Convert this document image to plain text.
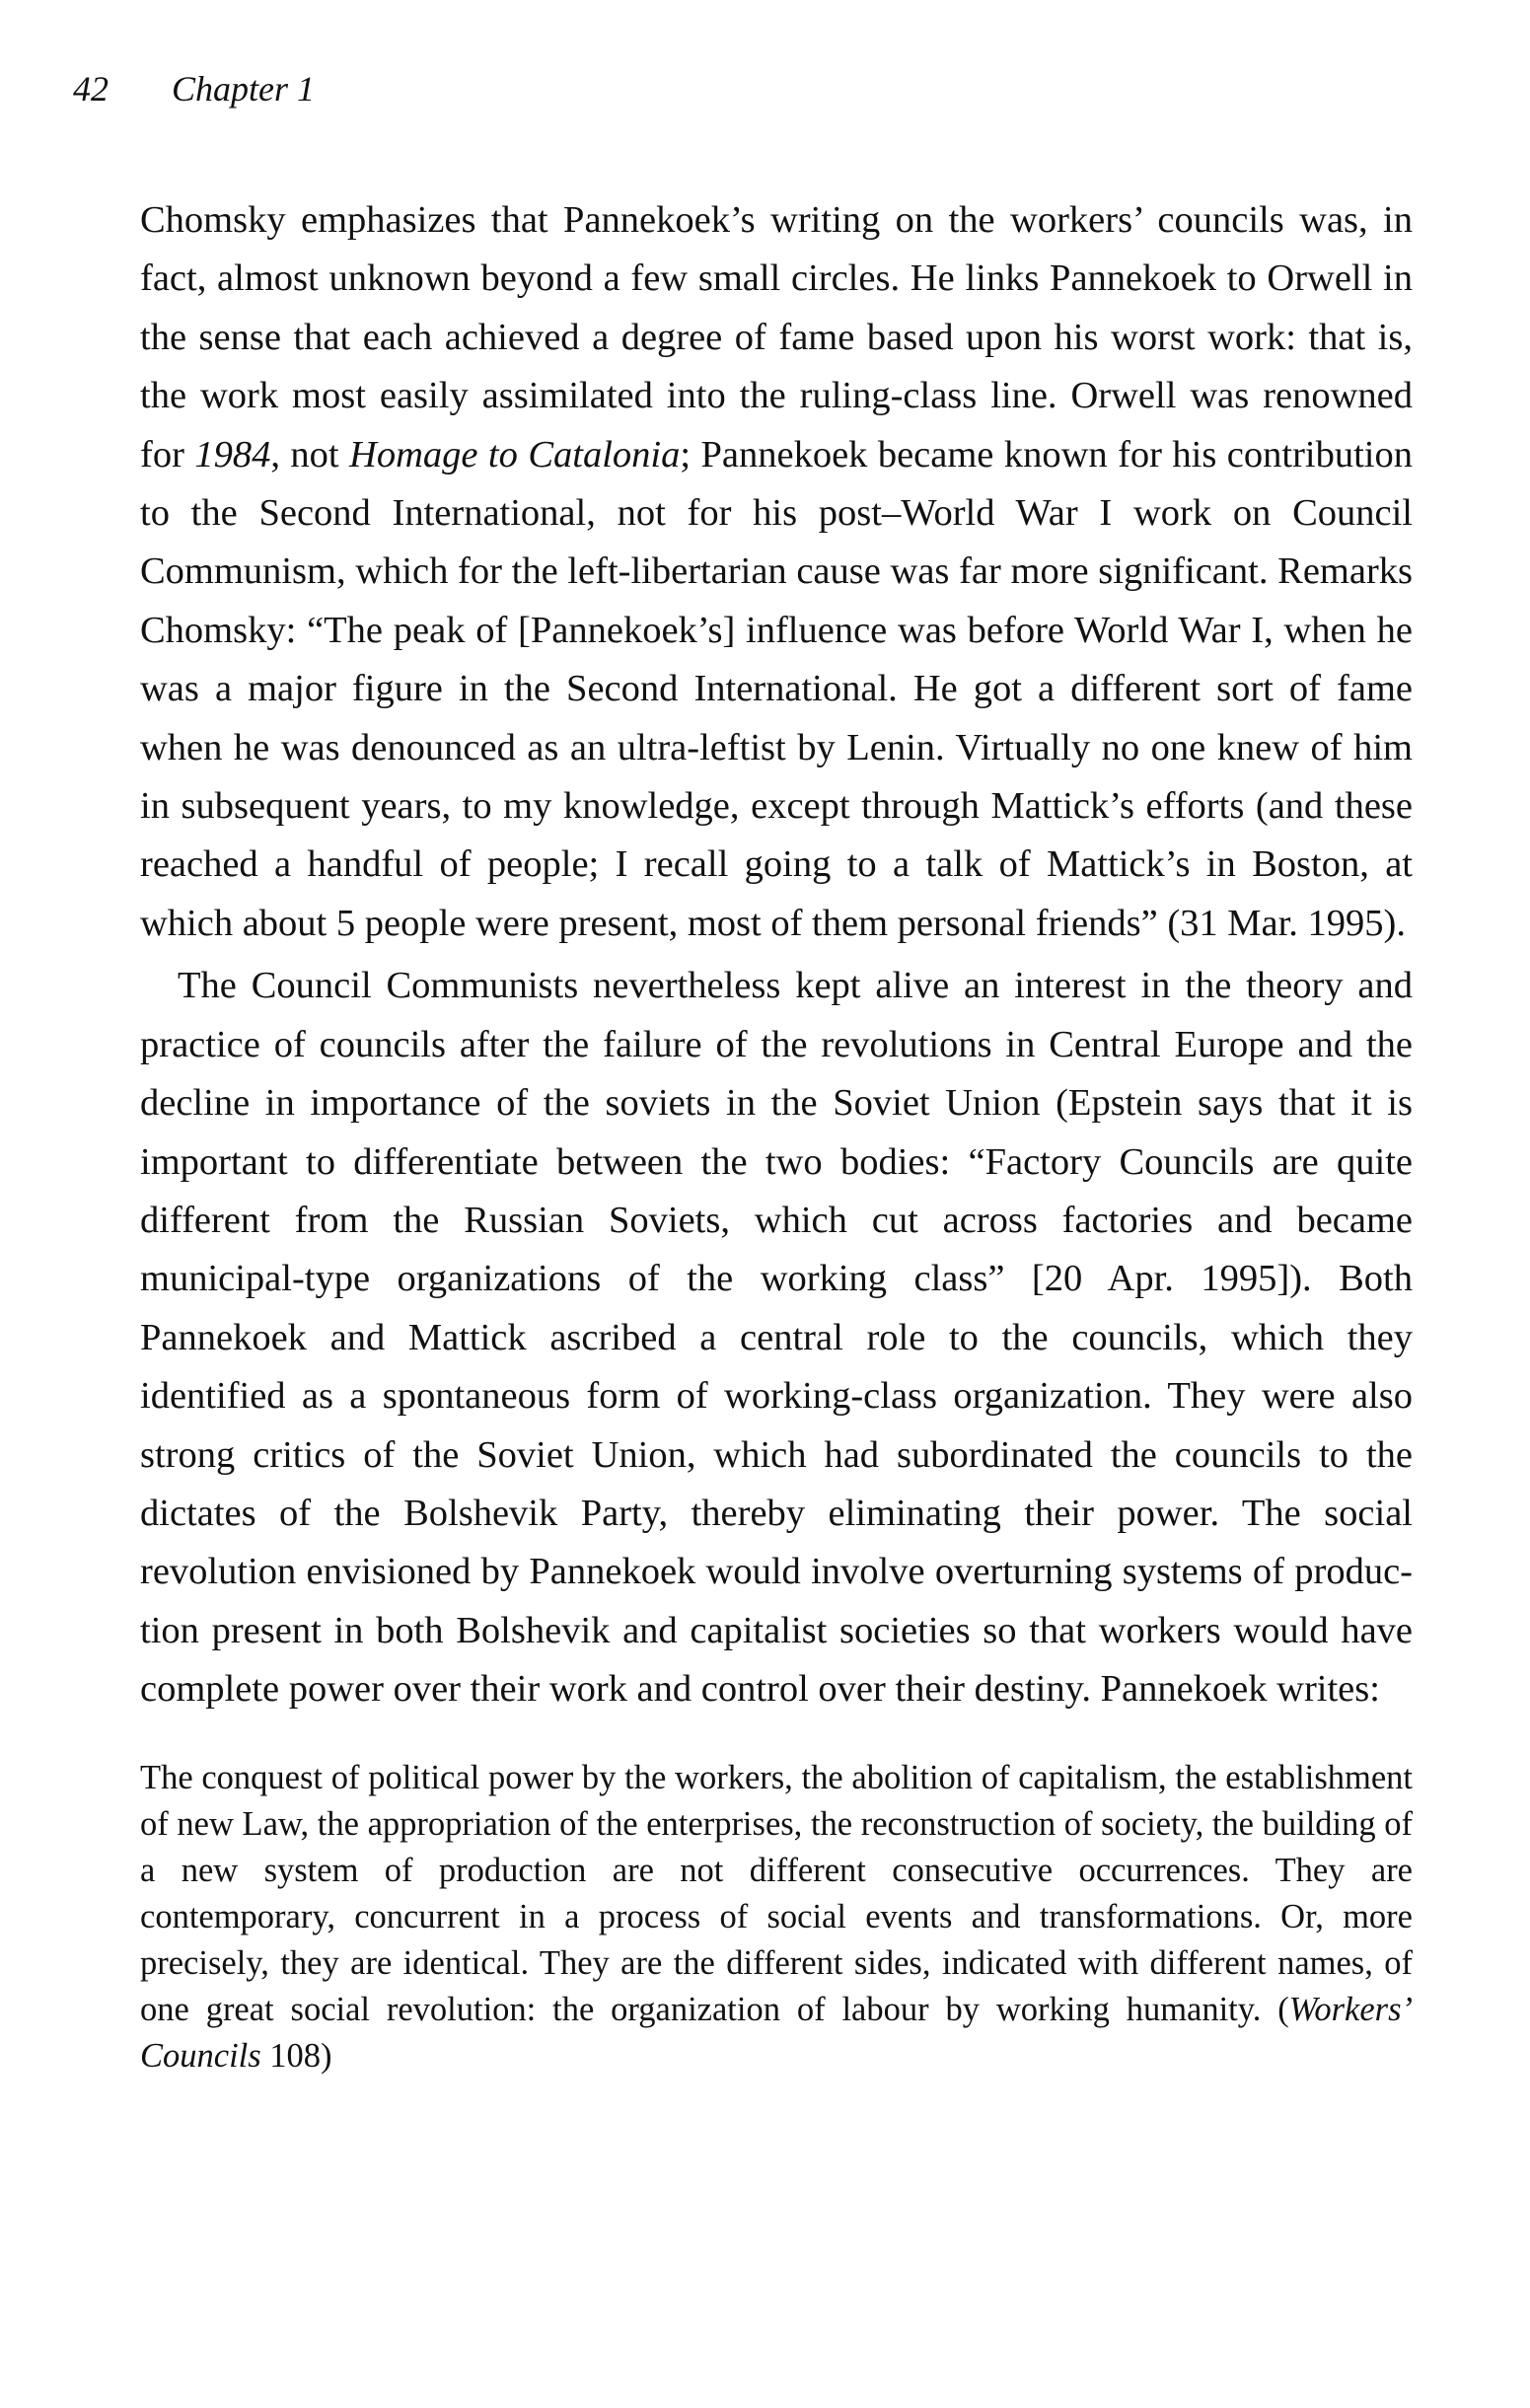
42 Chapter 1

Chomsky emphasizes that Pannekoek’s writing on the workers’ councils was, in fact, almost unknown beyond a few small circles. He links Pannekoek to Orwell in the sense that each achieved a degree of fame based upon his worst work: that is, the work most easily assimilated into the ruling-class line. Orwell was renowned for 1984, not Homage to Catalonia; Pannekoek became known for his contribution to the Second International, not for his post–World War I work on Council Communism, which for the left-libertarian cause was far more significant. Remarks Chomsky: “The peak of [Pannekoek’s] influence was before World War I, when he was a major figure in the Second International. He got a different sort of fame when he was denounced as an ultra-leftist by Lenin. Virtually no one knew of him in subsequent years, to my knowledge, except through Mattick’s efforts (and these reached a handful of people; I recall going to a talk of Mattick’s in Boston, at which about 5 people were present, most of them personal friends” (31 Mar. 1995).

The Council Communists nevertheless kept alive an interest in the theory and practice of councils after the failure of the revolutions in Central Europe and the decline in importance of the soviets in the Soviet Union (Epstein says that it is important to differentiate between the two bodies: “Factory Councils are quite different from the Russian Soviets, which cut across factories and became municipal-type organizations of the working class” [20 Apr. 1995]). Both Pannekoek and Mattick ascribed a central role to the councils, which they identified as a spontaneous form of working-class organization. They were also strong critics of the Soviet Union, which had subordinated the councils to the dictates of the Bolshevik Party, thereby eliminating their power. The social revolution envisioned by Pannekoek would involve overturning systems of production present in both Bolshevik and capitalist societies so that workers would have complete power over their work and control over their destiny. Pannekoek writes:

The conquest of political power by the workers, the abolition of capitalism, the establishment of new Law, the appropriation of the enterprises, the reconstruction of society, the building of a new system of production are not different consecutive occurrences. They are contemporary, concurrent in a process of social events and transformations. Or, more precisely, they are identical. They are the different sides, indicated with different names, of one great social revolution: the organization of labour by working humanity. (Workers’ Councils 108)
